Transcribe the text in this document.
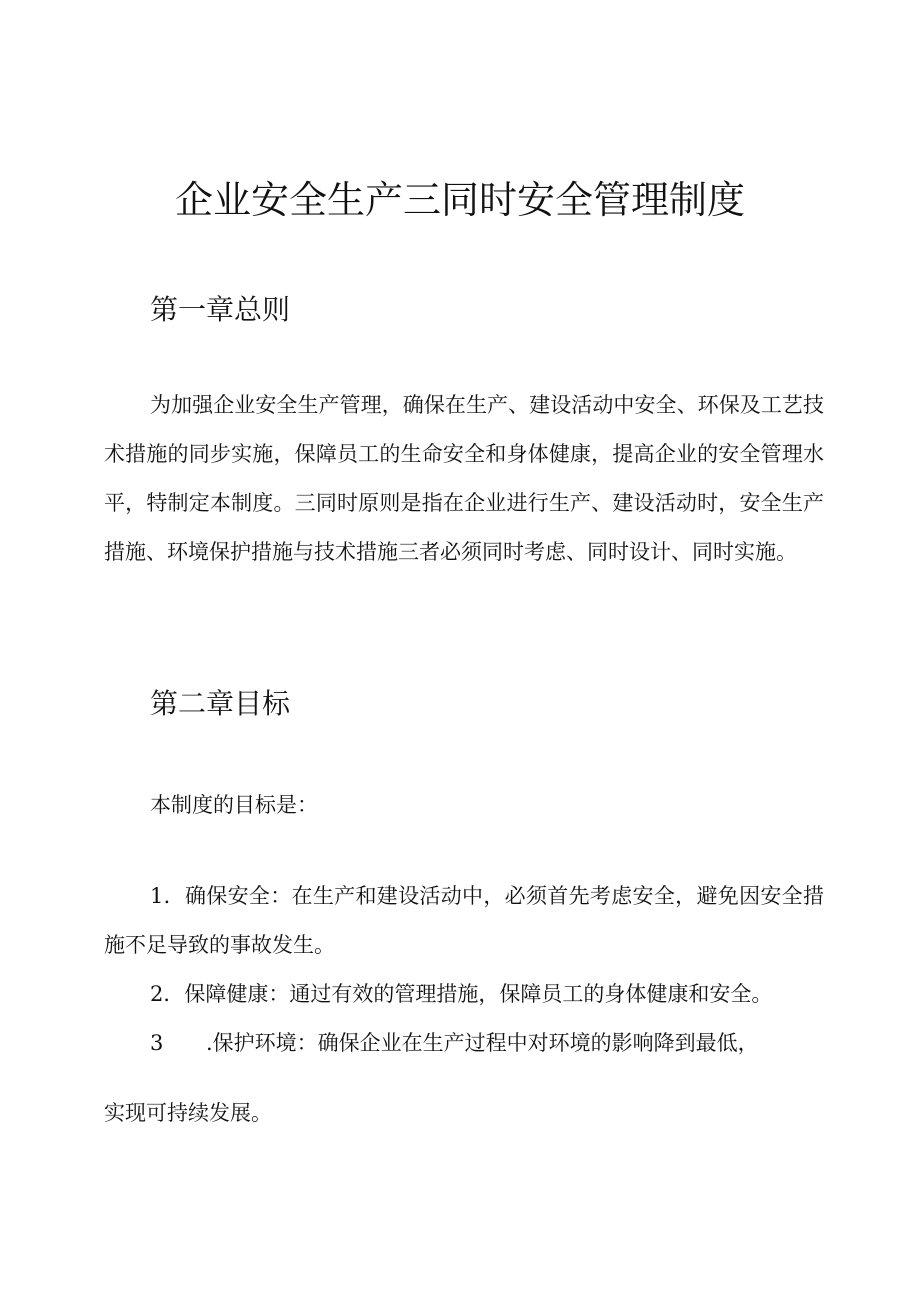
企业安全生产三同时安全管理制度
第一章总则
为加强企业安全生产管理，确保在生产、建设活动中安全、环保及工艺技术措施的同步实施，保障员工的生命安全和身体健康，提高企业的安全管理水平，特制定本制度。三同时原则是指在企业进行生产、建设活动时，安全生产措施、环境保护措施与技术措施三者必须同时考虑、同时设计、同时实施。
第二章目标
本制度的目标是：
1．确保安全：在生产和建设活动中，必须首先考虑安全，避免因安全措施不足导致的事故发生。
2．保障健康：通过有效的管理措施，保障员工的身体健康和安全。
3 .保护环境：确保企业在生产过程中对环境的影响降到最低，
实现可持续发展。
